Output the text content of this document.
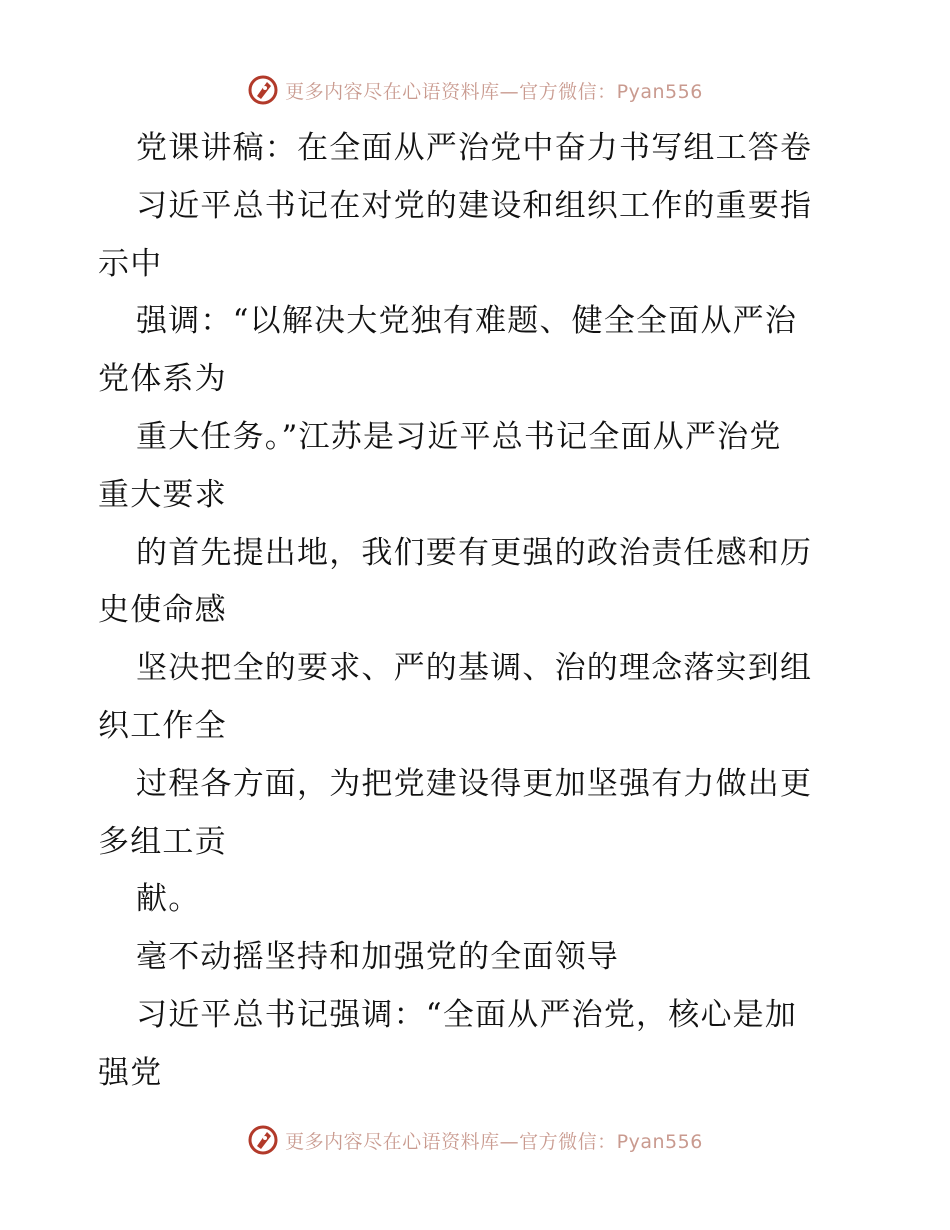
更多内容尽在心语资料库—官方微信：Pyan556
党课讲稿：在全面从严治党中奋力书写组工答卷
习近平总书记在对党的建设和组织工作的重要指
示中
强调：“以解决大党独有难题、健全全面从严治
党体系为
重大任务。”江苏是习近平总书记全面从严治党
重大要求
的首先提出地，我们要有更强的政治责任感和历
史使命感
坚决把全的要求、严的基调、治的理念落实到组
织工作全
过程各方面，为把党建设得更加坚强有力做出更
多组工贡
献。
毫不动摇坚持和加强党的全面领导
习近平总书记强调：“全面从严治党，核心是加
强党
更多内容尽在心语资料库—官方微信：Pyan556
